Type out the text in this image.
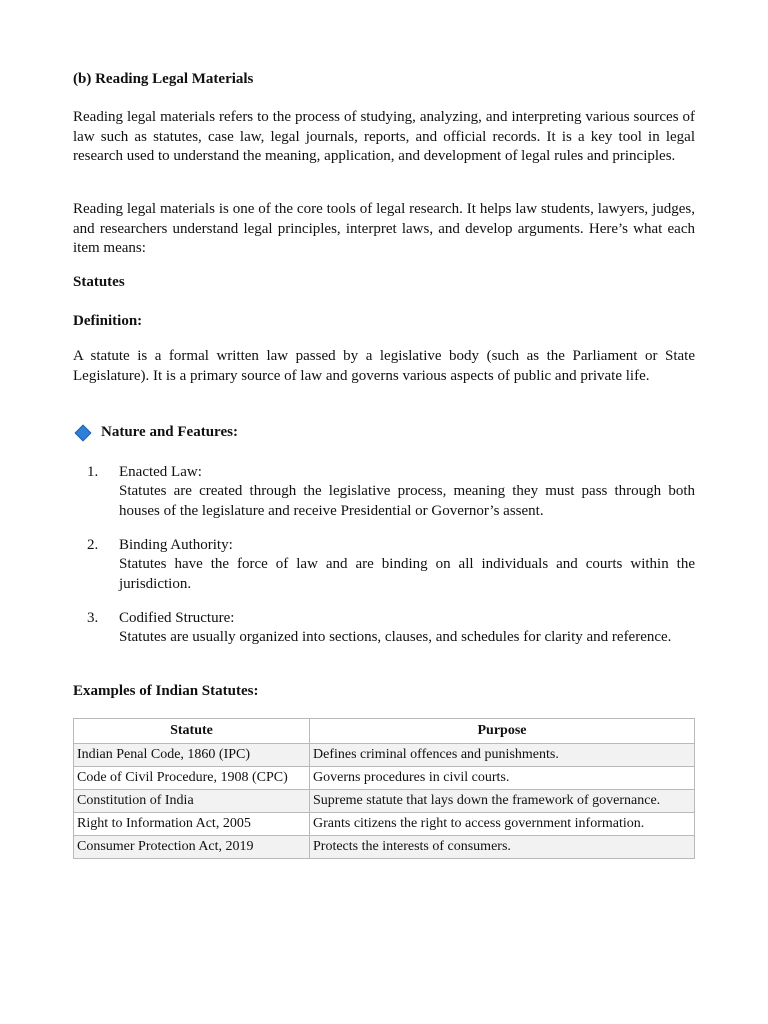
(b) Reading Legal Materials
Reading legal materials refers to the process of studying, analyzing, and interpreting various sources of law such as statutes, case law, legal journals, reports, and official records. It is a key tool in legal research used to understand the meaning, application, and development of legal rules and principles.
Reading legal materials is one of the core tools of legal research. It helps law students, lawyers, judges, and researchers understand legal principles, interpret laws, and develop arguments. Here’s what each item means:
Statutes
Definition:
A statute is a formal written law passed by a legislative body (such as the Parliament or State Legislature). It is a primary source of law and governs various aspects of public and private life.
Nature and Features:
1. Enacted Law:
Statutes are created through the legislative process, meaning they must pass through both houses of the legislature and receive Presidential or Governor’s assent.
2. Binding Authority:
Statutes have the force of law and are binding on all individuals and courts within the jurisdiction.
3. Codified Structure:
Statutes are usually organized into sections, clauses, and schedules for clarity and reference.
Examples of Indian Statutes:
Statute	Purpose
Indian Penal Code, 1860 (IPC)	Defines criminal offences and punishments.
Code of Civil Procedure, 1908 (CPC)	Governs procedures in civil courts.
Constitution of India	Supreme statute that lays down the framework of governance.
Right to Information Act, 2005	Grants citizens the right to access government information.
Consumer Protection Act, 2019	Protects the interests of consumers.
